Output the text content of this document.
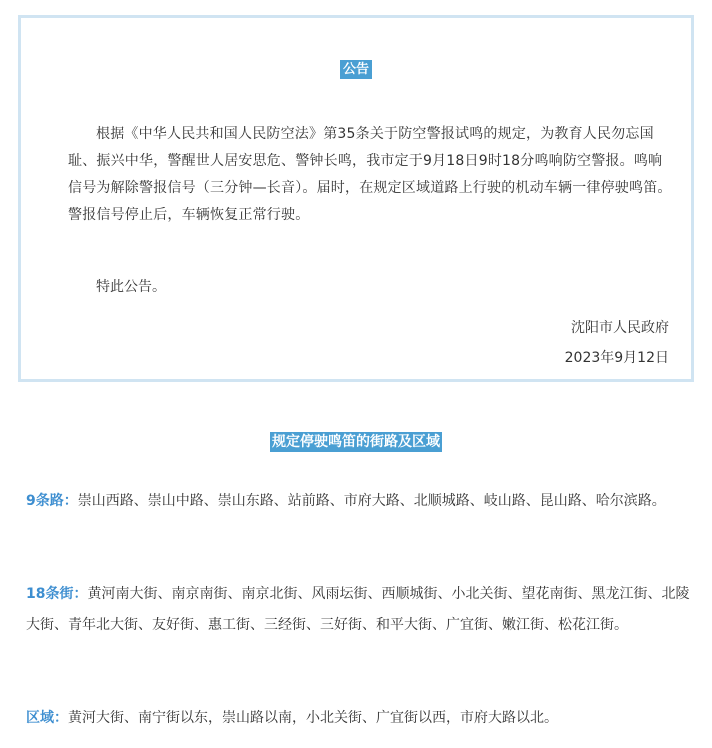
公告

根据《中华人民共和国人民防空法》第35条关于防空警报试鸣的规定，为教育人民勿忘国耻、振兴中华，警醒世人居安思危、警钟长鸣，我市定于9月18日9时18分鸣响防空警报。鸣响信号为解除警报信号（三分钟—长音）。届时，在规定区域道路上行驶的机动车辆一律停驶鸣笛。警报信号停止后，车辆恢复正常行驶。

特此公告。

沈阳市人民政府
2023年9月12日
规定停驶鸣笛的街路及区域

9条路：崇山西路、崇山中路、崇山东路、站前路、市府大路、北顺城路、岐山路、昆山路、哈尔滨路。

18条街：黄河南大街、南京南街、南京北街、风雨坛街、西顺城街、小北关街、望花南街、黑龙江街、北陵大街、青年北大街、友好街、惠工街、三经街、三好街、和平大街、广宜街、嫩江街、松花江街。

区域：黄河大街、南宁街以东，崇山路以南，小北关街、广宜街以西，市府大路以北。
